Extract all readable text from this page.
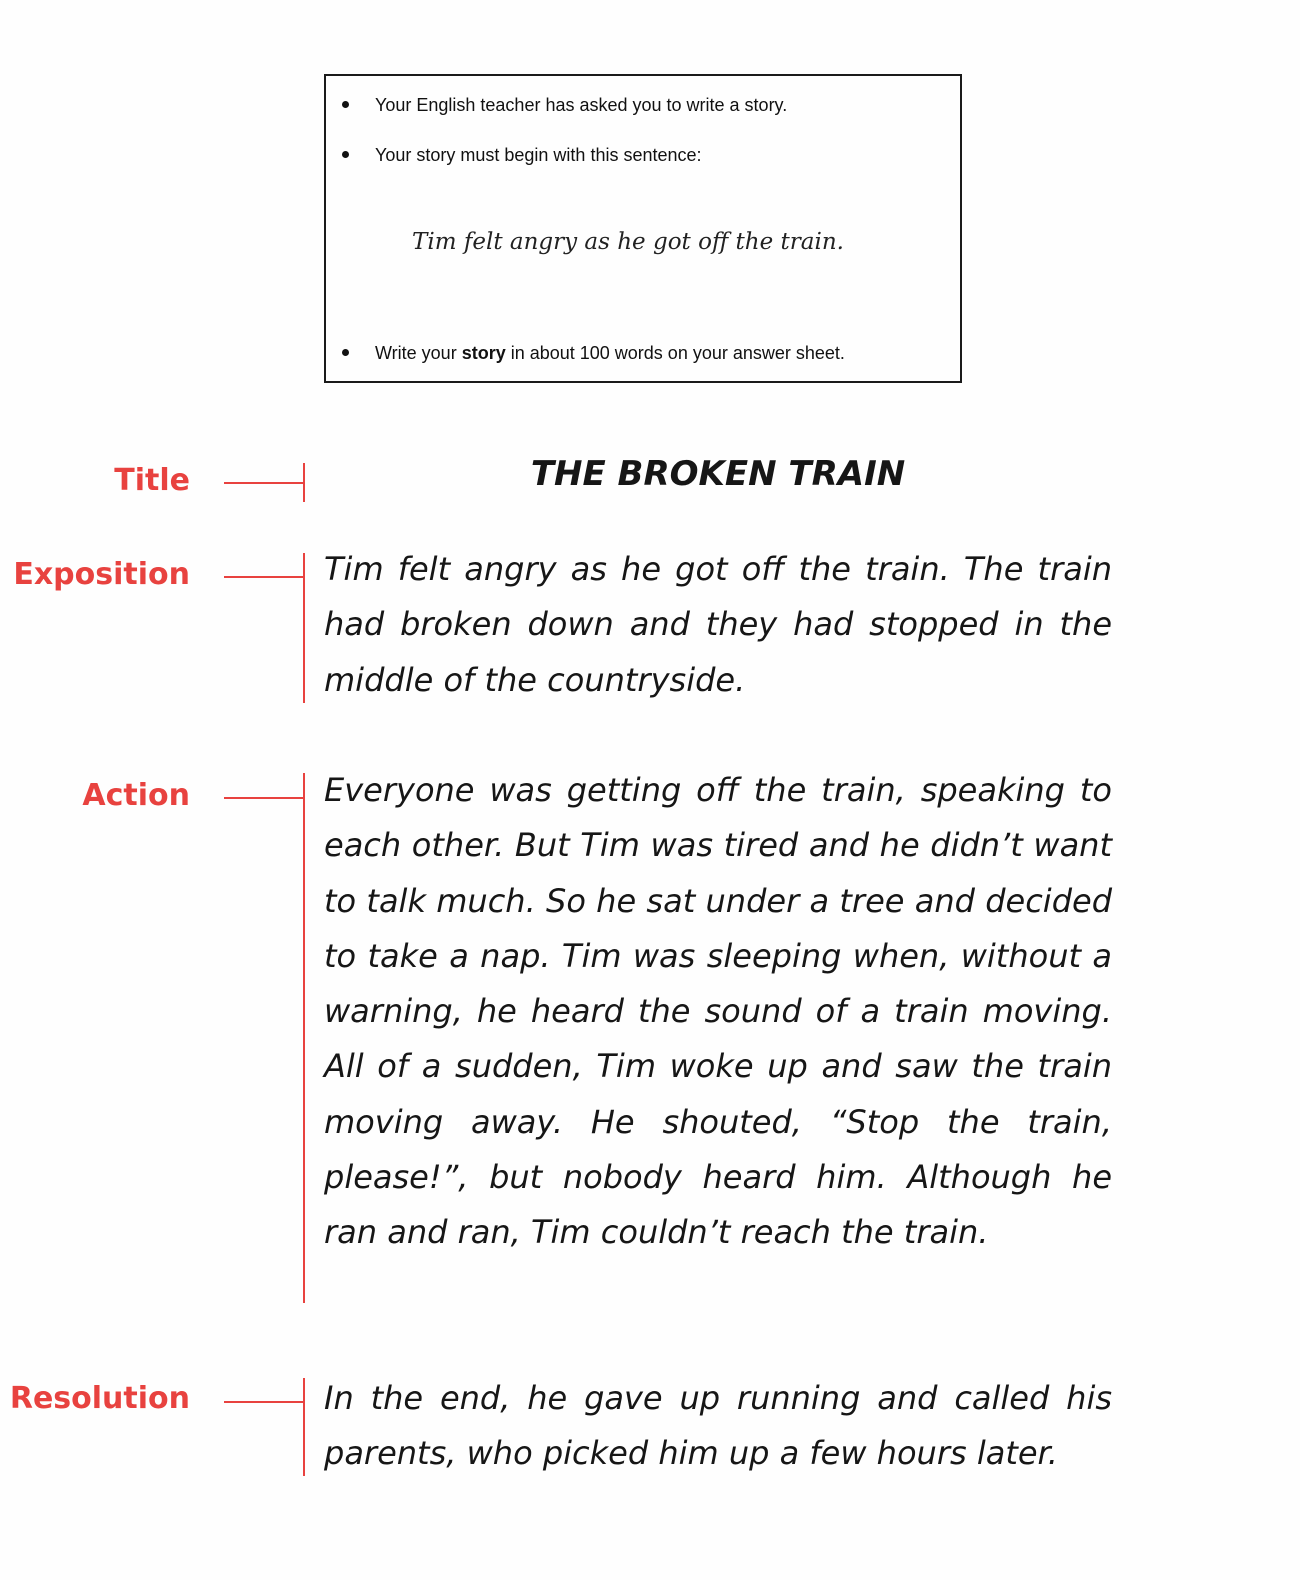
Your English teacher has asked you to write a story.
Your story must begin with this sentence:
Tim felt angry as he got off the train.
Write your story in about 100 words on your answer sheet.
Title
Exposition
Action
Resolution
THE BROKEN TRAIN

Tim felt angry as he got off the train. The train had broken down and they had stopped in the middle of the countryside.

Everyone was getting off the train, speaking to each other. But Tim was tired and he didn’t want to talk much. So he sat under a tree and decided to take a nap. Tim was sleeping when, without a warning, he heard the sound of a train moving. All of a sudden, Tim woke up and saw the train moving away. He shouted, “Stop the train, please!”, but nobody heard him. Although he ran and ran, Tim couldn’t reach the train.

In the end, he gave up running and called his parents, who picked him up a few hours later.
